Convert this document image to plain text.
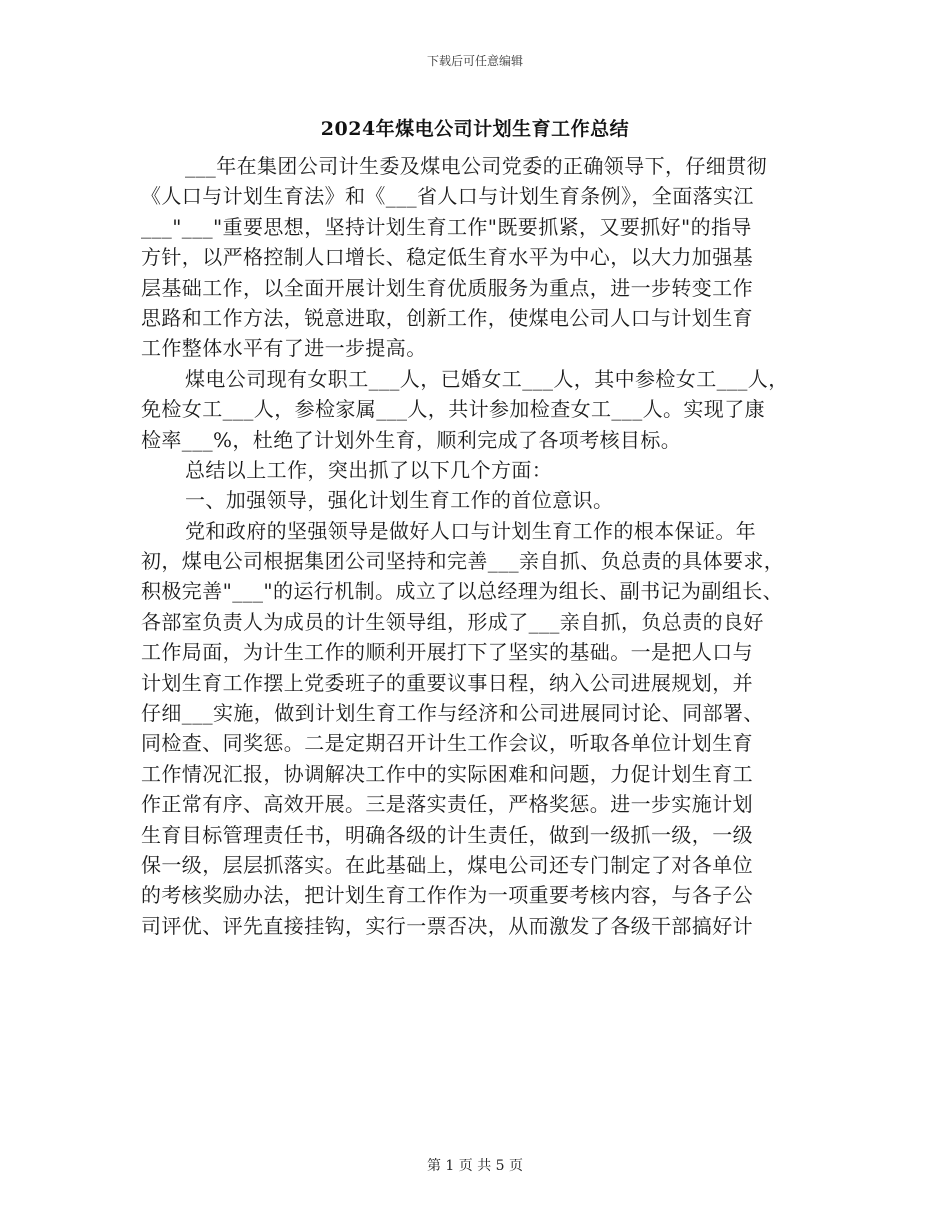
下载后可任意编辑
2024年煤电公司计划生育工作总结
___年在集团公司计生委及煤电公司党委的正确领导下，仔细贯彻
《人口与计划生育法》和《___省人口与计划生育条例》，全面落实江
___"___"重要思想，坚持计划生育工作"既要抓紧，又要抓好"的指导
方针，以严格控制人口增长、稳定低生育水平为中心，以大力加强基
层基础工作，以全面开展计划生育优质服务为重点，进一步转变工作
思路和工作方法，锐意进取，创新工作，使煤电公司人口与计划生育
工作整体水平有了进一步提高。
煤电公司现有女职工___人，已婚女工___人，其中参检女工___人，
免检女工___人，参检家属___人，共计参加检查女工___人。实现了康
检率___%，杜绝了计划外生育，顺利完成了各项考核目标。
总结以上工作，突出抓了以下几个方面：
一、加强领导，强化计划生育工作的首位意识。
党和政府的坚强领导是做好人口与计划生育工作的根本保证。年
初，煤电公司根据集团公司坚持和完善___亲自抓、负总责的具体要求，
积极完善"___"的运行机制。成立了以总经理为组长、副书记为副组长、
各部室负责人为成员的计生领导组，形成了___亲自抓，负总责的良好
工作局面，为计生工作的顺利开展打下了坚实的基础。一是把人口与
计划生育工作摆上党委班子的重要议事日程，纳入公司进展规划，并
仔细___实施，做到计划生育工作与经济和公司进展同讨论、同部署、
同检查、同奖惩。二是定期召开计生工作会议，听取各单位计划生育
工作情况汇报，协调解决工作中的实际困难和问题，力促计划生育工
作正常有序、高效开展。三是落实责任，严格奖惩。进一步实施计划
生育目标管理责任书，明确各级的计生责任，做到一级抓一级，一级
保一级，层层抓落实。在此基础上，煤电公司还专门制定了对各单位
的考核奖励办法，把计划生育工作作为一项重要考核内容，与各子公
司评优、评先直接挂钩，实行一票否决，从而激发了各级干部搞好计
第 1 页 共 5 页
